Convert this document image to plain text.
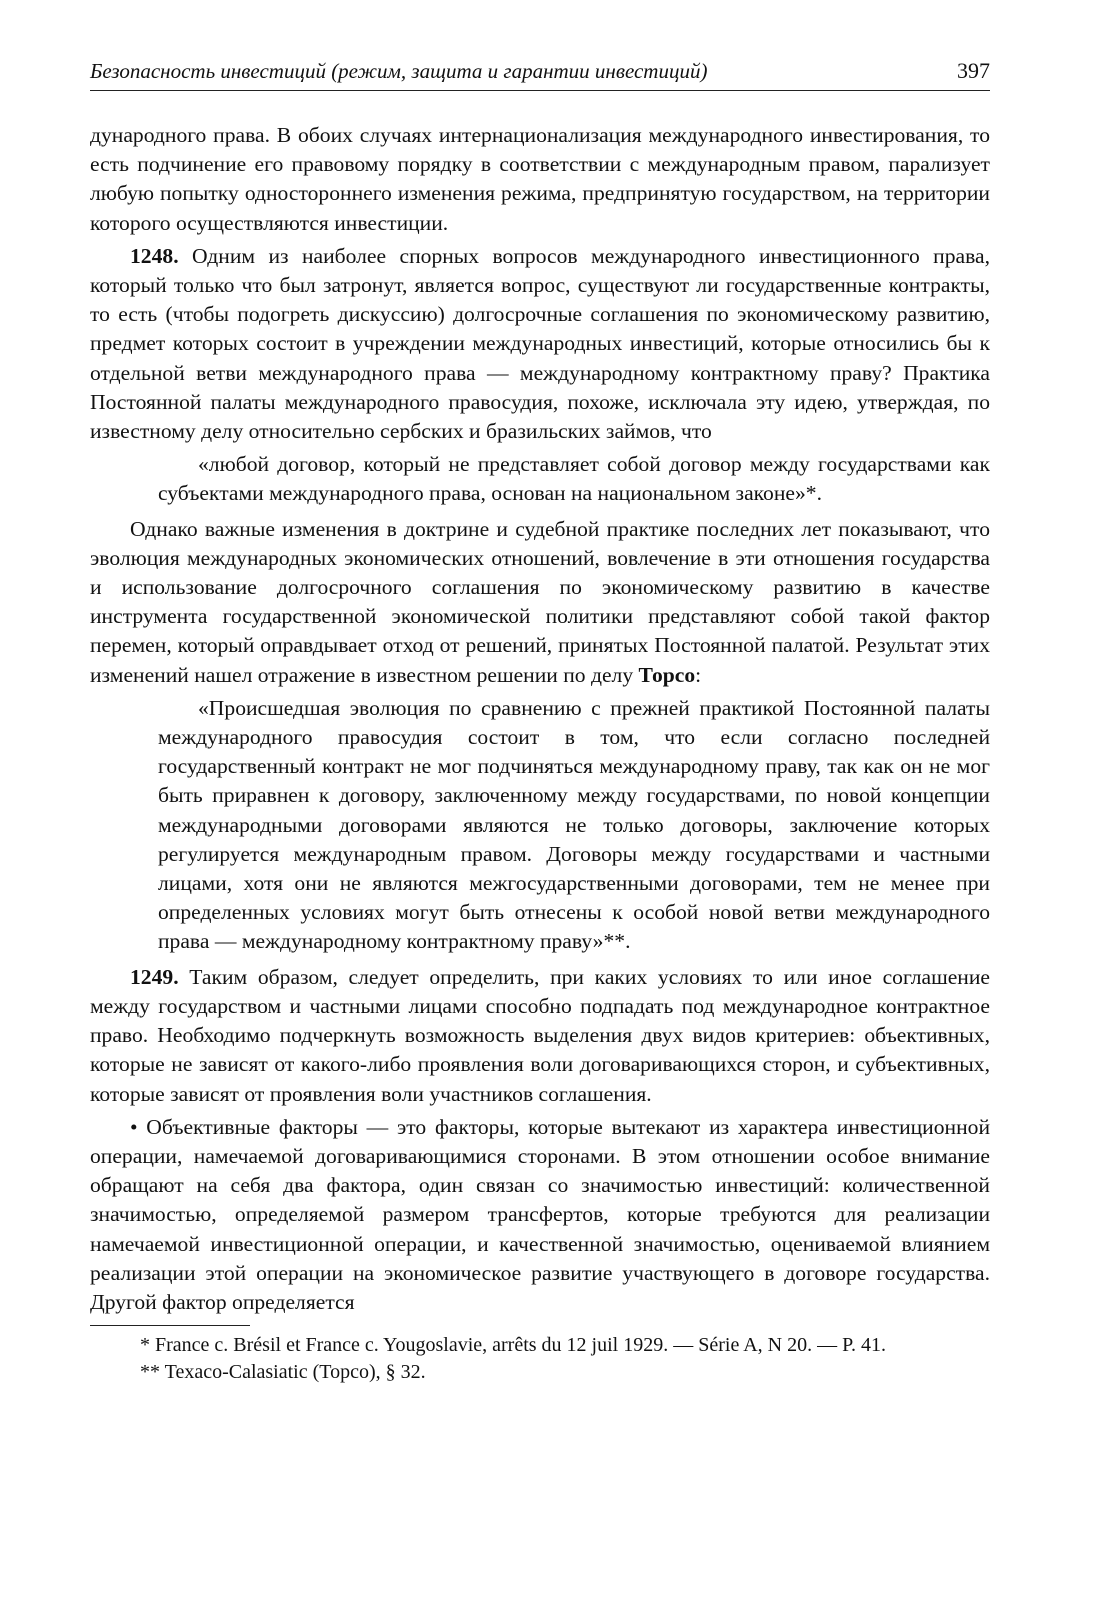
Безопасность инвестиций (режим, защита и гарантии инвестиций)	397

дународного права. В обоих случаях интернационализация международного инвестирования, то есть подчинение его правовому порядку в соответствии с международным правом, парализует любую попытку одностороннего изменения режима, предпринятую государством, на территории которого осуществляются инвестиции.

1248. Одним из наиболее спорных вопросов международного инвестиционного права, который только что был затронут, является вопрос, существуют ли государственные контракты, то есть (чтобы подогреть дискуссию) долгосрочные соглашения по экономическому развитию, предмет которых состоит в учреждении международных инвестиций, которые относились бы к отдельной ветви международного права — международному контрактному праву? Практика Постоянной палаты международного правосудия, похоже, исключала эту идею, утверждая, по известному делу относительно сербских и бразильских займов, что

«любой договор, который не представляет собой договор между государствами как субъектами международного права, основан на национальном законе»*.

Однако важные изменения в доктрине и судебной практике последних лет показывают, что эволюция международных экономических отношений, вовлечение в эти отношения государства и использование долгосрочного соглашения по экономическому развитию в качестве инструмента государственной экономической политики представляют собой такой фактор перемен, который оправдывает отход от решений, принятых Постоянной палатой. Результат этих изменений нашел отражение в известном решении по делу Торсо:

«Происшедшая эволюция по сравнению с прежней практикой Постоянной палаты международного правосудия состоит в том, что если согласно последней государственный контракт не мог подчиняться международному праву, так как он не мог быть приравнен к договору, заключенному между государствами, по новой концепции международными договорами являются не только договоры, заключение которых регулируется международным правом. Договоры между государствами и частными лицами, хотя они не являются межгосударственными договорами, тем не менее при определенных условиях могут быть отнесены к особой новой ветви международного права — международному контрактному праву»**.

1249. Таким образом, следует определить, при каких условиях то или иное соглашение между государством и частными лицами способно подпадать под международное контрактное право. Необходимо подчеркнуть возможность выделения двух видов критериев: объективных, которые не зависят от какого-либо проявления воли договаривающихся сторон, и субъективных, которые зависят от проявления воли участников соглашения.

• Объективные факторы — это факторы, которые вытекают из характера инвестиционной операции, намечаемой договаривающимися сторонами. В этом отношении особое внимание обращают на себя два фактора, один связан со значимостью инвестиций: количественной значимостью, определяемой размером трансфертов, которые требуются для реализации намечаемой инвестиционной операции, и качественной значимостью, оцениваемой влиянием реализации этой операции на экономическое развитие участвующего в договоре государства. Другой фактор определяется

* France c. Brésil et France c. Yougoslavie, arrêts du 12 juil 1929. — Série A, N 20. — P. 41.

** Texaco-Calasiatic (Topco), § 32.
